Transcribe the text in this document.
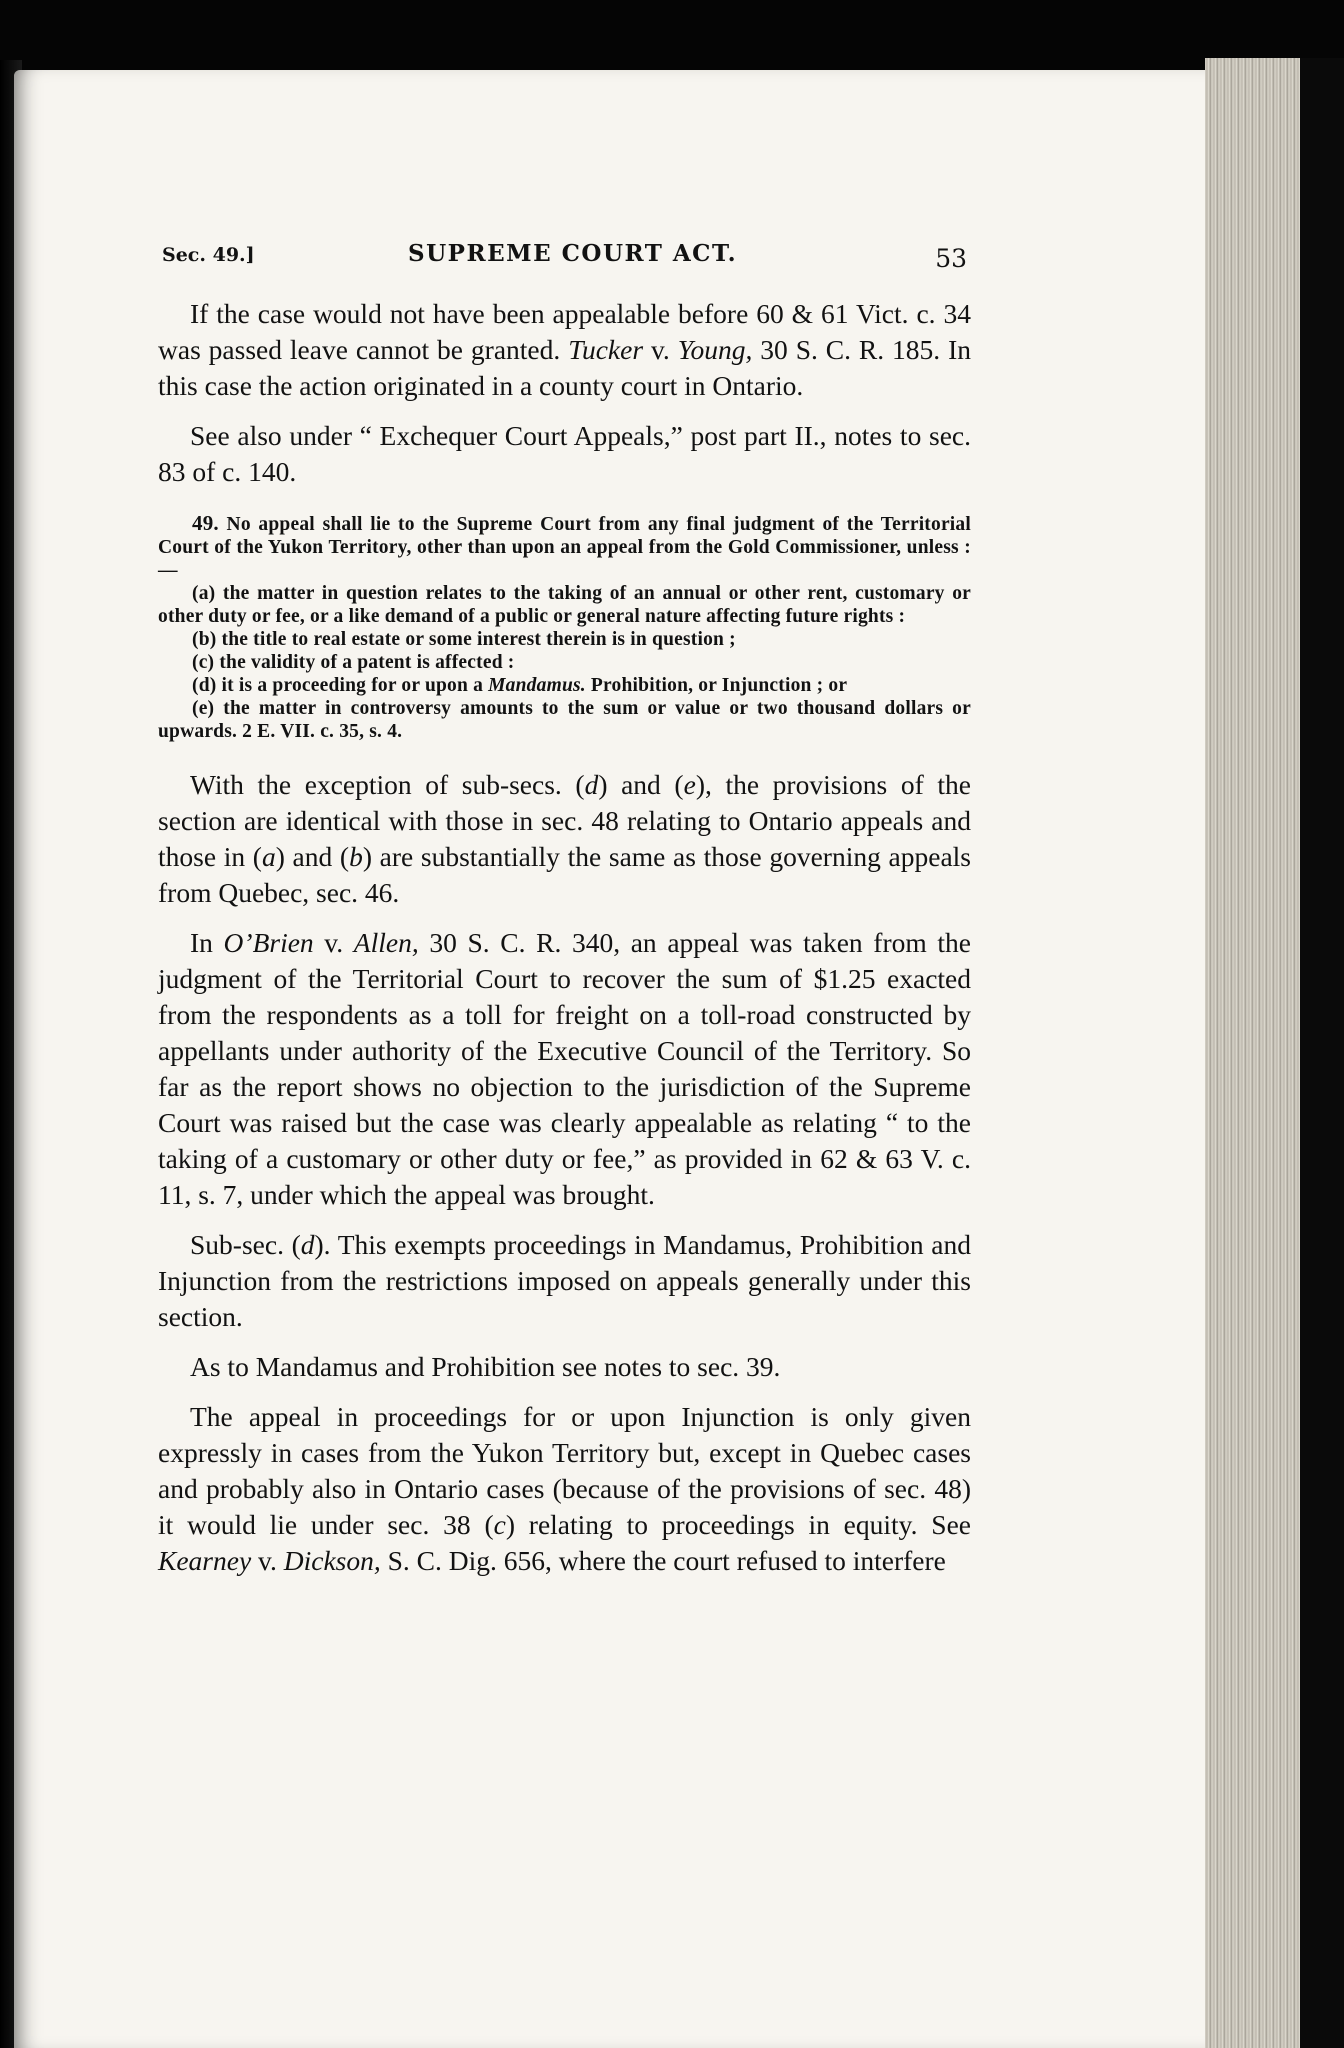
Sec. 49.]	SUPREME COURT ACT.	53

If the case would not have been appealable before 60 & 61 Vict. c. 34 was passed leave cannot be granted. Tucker v. Young, 30 S. C. R. 185. In this case the action originated in a county court in Ontario.

See also under “ Exchequer Court Appeals,” post part II., notes to sec. 83 of c. 140.

49. No appeal shall lie to the Supreme Court from any final judgment of the Territorial Court of the Yukon Territory, other than upon an appeal from the Gold Commissioner, unless :—

(a) the matter in question relates to the taking of an annual or other rent, customary or other duty or fee, or a like demand of a public or general nature affecting future rights :

(b) the title to real estate or some interest therein is in question ;

(c) the validity of a patent is affected :

(d) it is a proceeding for or upon a Mandamus. Prohibition, or Injunction ; or

(e) the matter in controversy amounts to the sum or value or two thousand dollars or upwards. 2 E. VII. c. 35, s. 4.

With the exception of sub-secs. (d) and (e), the provisions of the section are identical with those in sec. 48 relating to Ontario appeals and those in (a) and (b) are substantially the same as those governing appeals from Quebec, sec. 46.

In O’Brien v. Allen, 30 S. C. R. 340, an appeal was taken from the judgment of the Territorial Court to recover the sum of $1.25 exacted from the respondents as a toll for freight on a toll-road constructed by appellants under authority of the Executive Council of the Territory. So far as the report shows no objection to the jurisdiction of the Supreme Court was raised but the case was clearly appealable as relating “ to the taking of a customary or other duty or fee,” as provided in 62 & 63 V. c. 11, s. 7, under which the appeal was brought.

Sub-sec. (d). This exempts proceedings in Mandamus, Prohibition and Injunction from the restrictions imposed on appeals generally under this section.

As to Mandamus and Prohibition see notes to sec. 39.

The appeal in proceedings for or upon Injunction is only given expressly in cases from the Yukon Territory but, except in Quebec cases and probably also in Ontario cases (because of the provisions of sec. 48) it would lie under sec. 38 (c) relating to proceedings in equity. See Kearney v. Dickson, S. C. Dig. 656, where the court refused to interfere
